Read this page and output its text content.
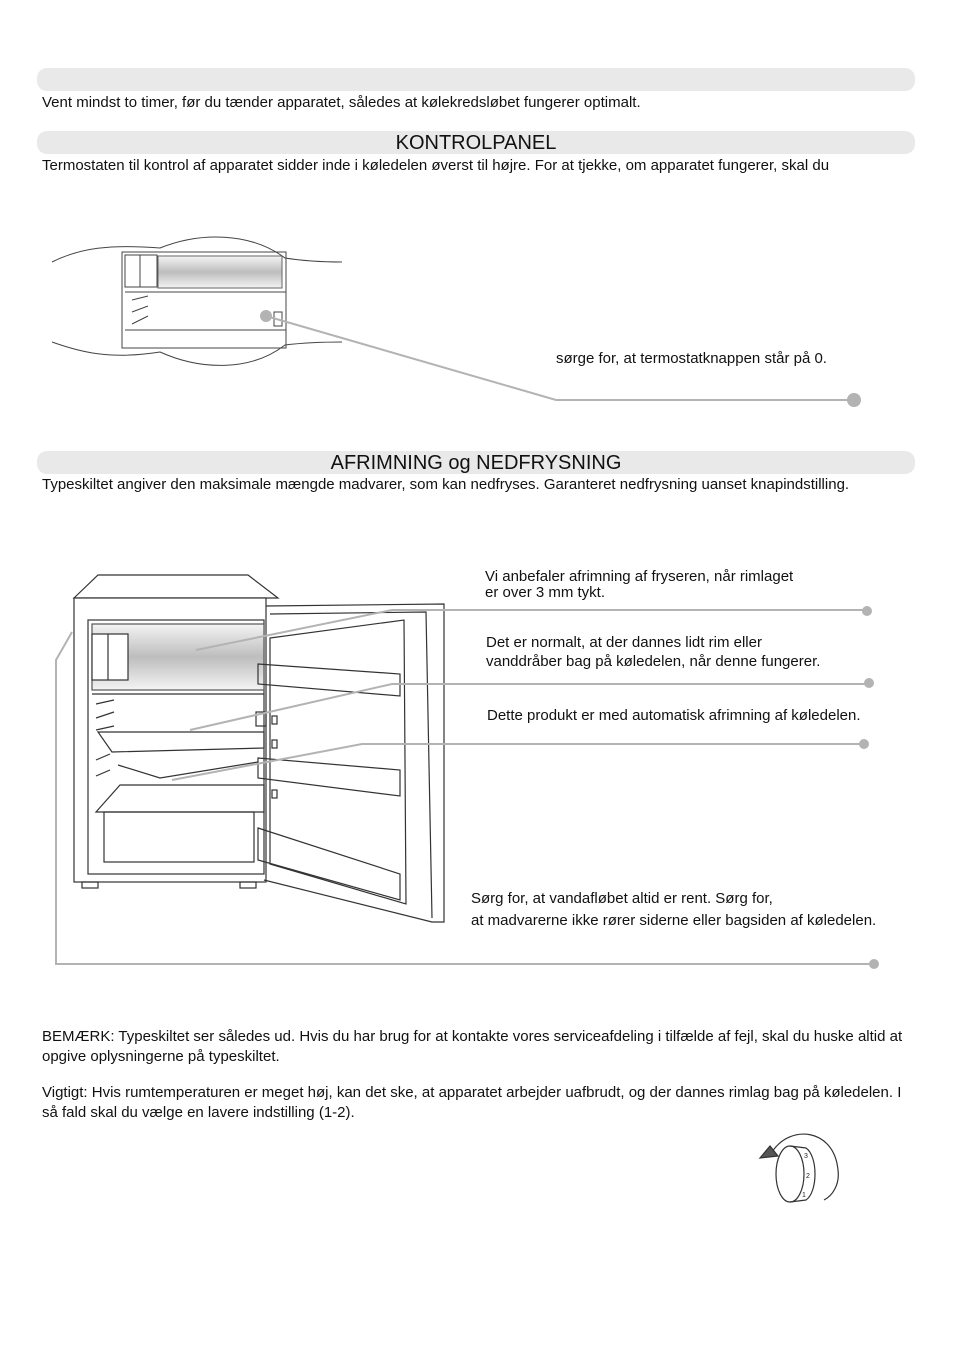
Vent mindst to timer, før du tænder apparatet, således at kølekredsløbet fungerer optimalt.
KONTROLPANEL
Termostaten til kontrol af apparatet sidder inde i køledelen øverst til højre. For at tjekke, om apparatet fungerer, skal du
sørge for, at termostatknappen står på 0.
AFRIMNING og NEDFRYSNING
Typeskiltet angiver den maksimale mængde madvarer, som kan nedfryses. Garanteret nedfrysning uanset knapindstilling.
Vi anbefaler afrimning af fryseren, når rimlaget
er over 3 mm tykt.
Det er normalt, at der dannes lidt rim eller
vanddråber bag på køledelen, når denne fungerer.
Dette produkt er med automatisk afrimning af køledelen.
Sørg for, at vandafløbet altid er rent. Sørg for,
at madvarerne ikke rører siderne eller bagsiden af køledelen.
BEMÆRK: Typeskiltet ser således ud. Hvis du har brug for at kontakte vores serviceafdeling i tilfælde af fejl, skal du huske altid at opgive oplysningerne på typeskiltet.
Vigtigt: Hvis rumtemperaturen er meget høj, kan det ske, at apparatet arbejder uafbrudt, og der dannes rimlag bag på køledelen. I så fald skal du vælge en lavere indstilling (1-2).
3
2
1
